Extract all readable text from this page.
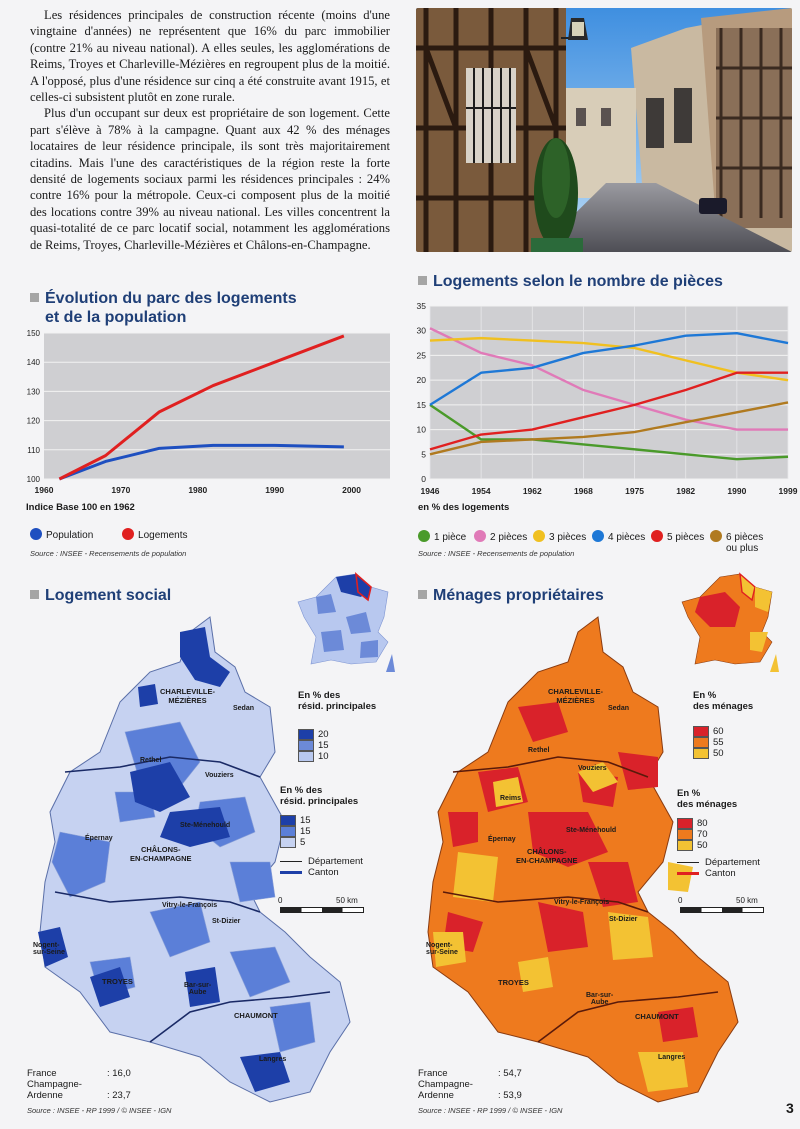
Les résidences principales de construction récente (moins d'une vingtaine d'années) ne représentent que 16% du parc immobilier (contre 21% au niveau national). A elles seules, les agglomérations de Reims, Troyes et Charleville-Mézières en regroupent plus de la moitié. A l'opposé, plus d'une résidence sur cinq a été construite avant 1915, et celles-ci subsistent plutôt en zone rurale.

Plus d'un occupant sur deux est propriétaire de son logement. Cette part s'élève à 78% à la campagne. Quant aux 42 % des ménages locataires de leur résidence principale, ils sont très majoritairement citadins. Mais l'une des caractéristiques de la région reste la forte densité de logements sociaux parmi les résidences principales : 24% contre 16% pour la métropole. Ceux-ci composent plus de la moitié des locations contre 39% au niveau national. Les villes concentrent la quasi-totalité de ce parc locatif social, notamment les agglomérations de Reims, Troyes, Charleville-Mézières et Châlons-en-Champagne.

Évolution du parc des logements
et de la population
100
110
120
130
140
150
1960	1970	1980	1990	2000
Indice Base 100 en 1962
Population	Logements
Source : INSEE - Recensements de population
Logements selon le nombre de pièces
0
5
10
15
20
25
30
35
1946	1954	1962	1968	1975	1982	1990	1999
en % des logements
1 pièce	2 pièces	3 pièces	4 pièces	5 pièces	6 pièces
ou plus
Source : INSEE - Recensements de population
Logement social
CHARLEVILLE-
MÉZIÈRES
Sedan
Rethel
Vouziers
Ste-Ménehould
Épernay
CHÂLONS-
EN-CHAMPAGNE
Vitry-le-François
St-Dizier
Nogent-
sur-Seine
TROYES	Bar-sur-
Aube
CHAUMONT
Langres
En % des
résid. principales
20
15
10
En % des
résid. principales
15
15
5
Département
Canton
0	50 km
France	: 16,0
Champagne-Ardenne	: 23,7
Source : INSEE - RP 1999 / © INSEE - IGN
Ménages propriétaires
CHARLEVILLE-
MÉZIÈRES
Sedan
Rethel
Vouziers
Reims
Ste-Ménehould
Épernay
CHÂLONS-
EN-CHAMPAGNE
Vitry-le-François
St-Dizier
Nogent-
sur-Seine
TROYES
Bar-sur-
Aube
CHAUMONT
Langres
En %
des ménages
60
55
50
En %
des ménages
80
70
50
Département
Canton
0	50 km
France	: 54,7
Champagne-Ardenne	: 53,9
Source : INSEE - RP 1999 / © INSEE - IGN	3
